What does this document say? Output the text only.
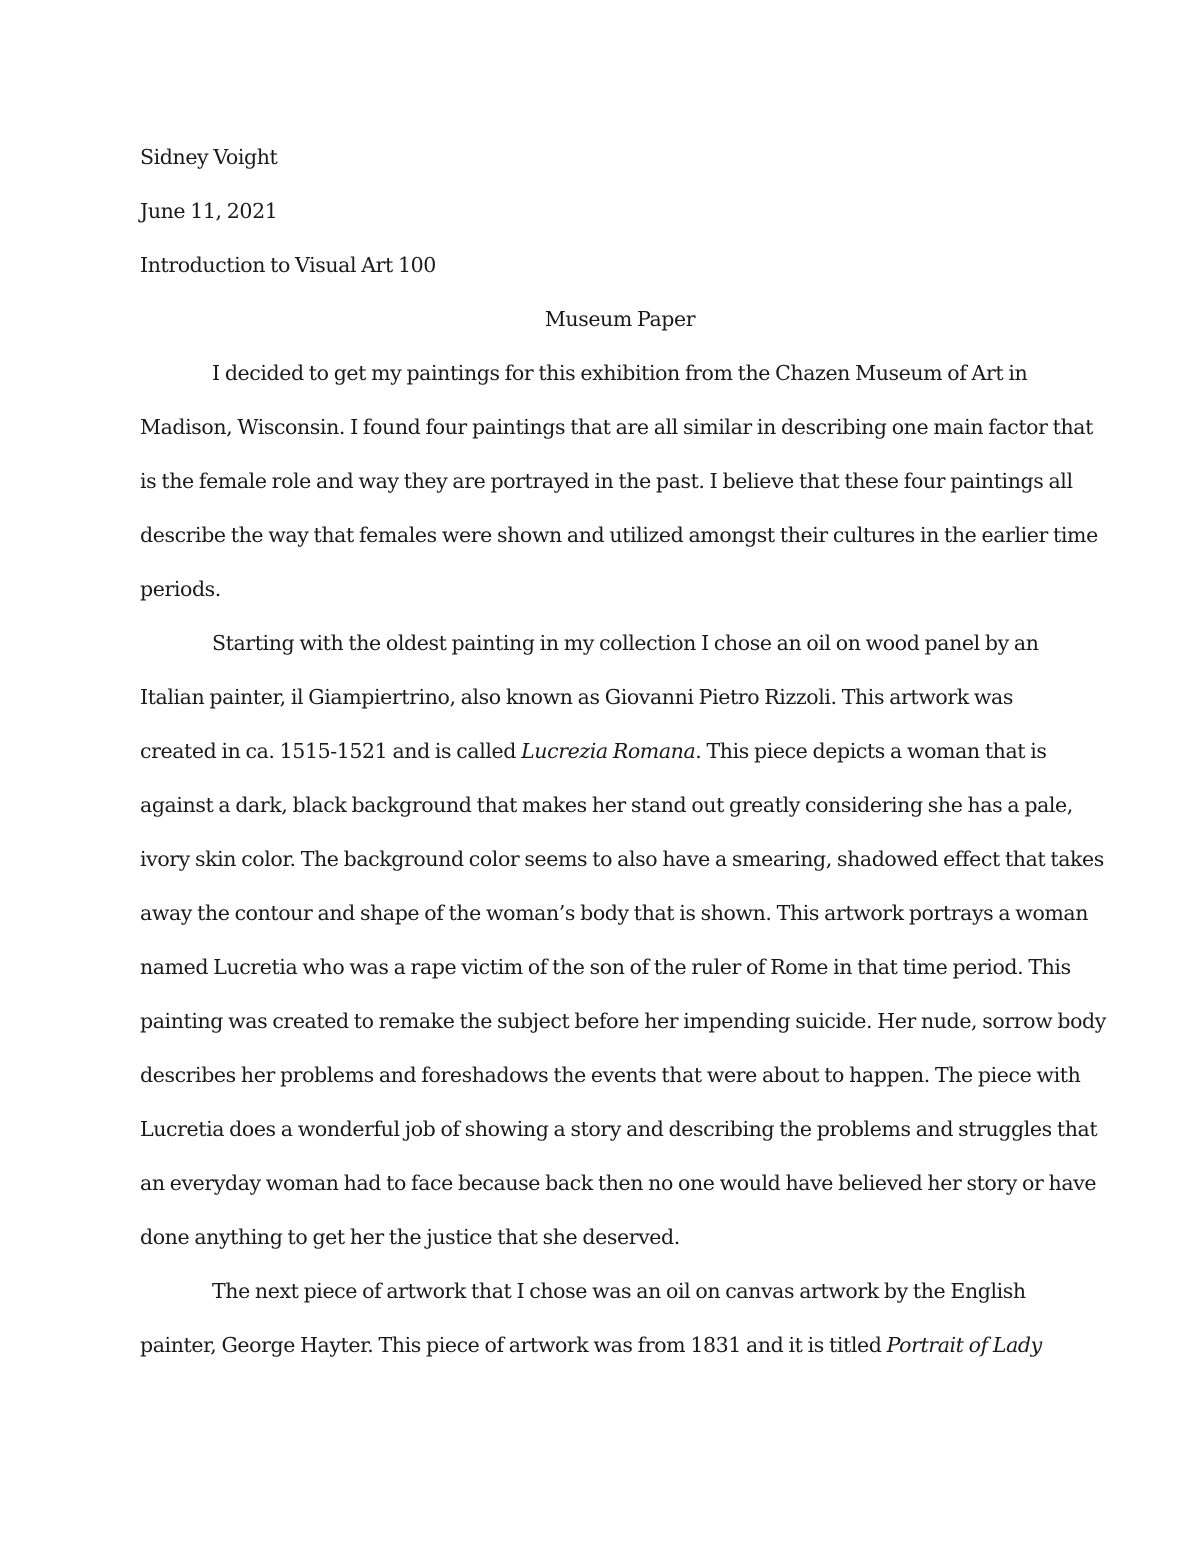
Sidney Voight
June 11, 2021
Introduction to Visual Art 100
Museum Paper
I decided to get my paintings for this exhibition from the Chazen Museum of Art in
Madison, Wisconsin. I found four paintings that are all similar in describing one main factor that
is the female role and way they are portrayed in the past. I believe that these four paintings all
describe the way that females were shown and utilized amongst their cultures in the earlier time
periods.
Starting with the oldest painting in my collection I chose an oil on wood panel by an
Italian painter, il Giampiertrino, also known as Giovanni Pietro Rizzoli. This artwork was
created in ca. 1515-1521 and is called Lucrezia Romana. This piece depicts a woman that is
against a dark, black background that makes her stand out greatly considering she has a pale,
ivory skin color. The background color seems to also have a smearing, shadowed effect that takes
away the contour and shape of the woman’s body that is shown. This artwork portrays a woman
named Lucretia who was a rape victim of the son of the ruler of Rome in that time period. This
painting was created to remake the subject before her impending suicide. Her nude, sorrow body
describes her problems and foreshadows the events that were about to happen. The piece with
Lucretia does a wonderful job of showing a story and describing the problems and struggles that
an everyday woman had to face because back then no one would have believed her story or have
done anything to get her the justice that she deserved.
The next piece of artwork that I chose was an oil on canvas artwork by the English
painter, George Hayter. This piece of artwork was from 1831 and it is titled Portrait of Lady
